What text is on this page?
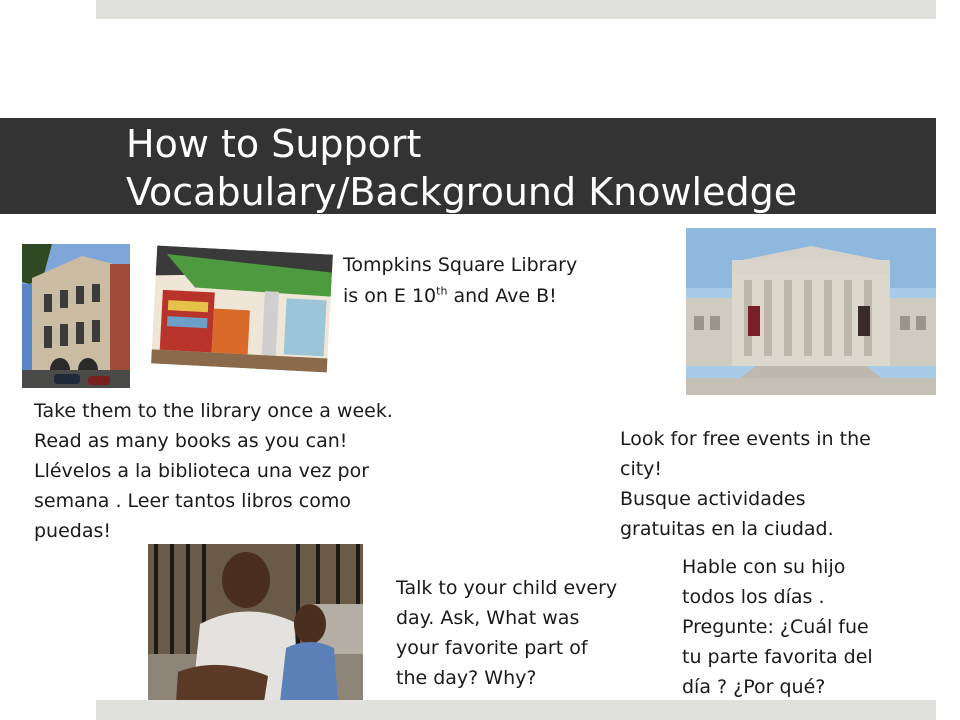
How to Support
Vocabulary/Background Knowledge

Tompkins Square Library
is on E 10th and Ave B!

Take them to the library once a week.
Read as many books as you can!
Llévelos a la biblioteca una vez por
semana . Leer tantos libros como
puedas!

Look for free events in the
city!
Busque actividades
gratuitas en la ciudad.

Talk to your child every
day. Ask, What was
your favorite part of
the day? Why?

Hable con su hijo
todos los días .
Pregunte: ¿Cuál fue
tu parte favorita del
día ? ¿Por qué?
